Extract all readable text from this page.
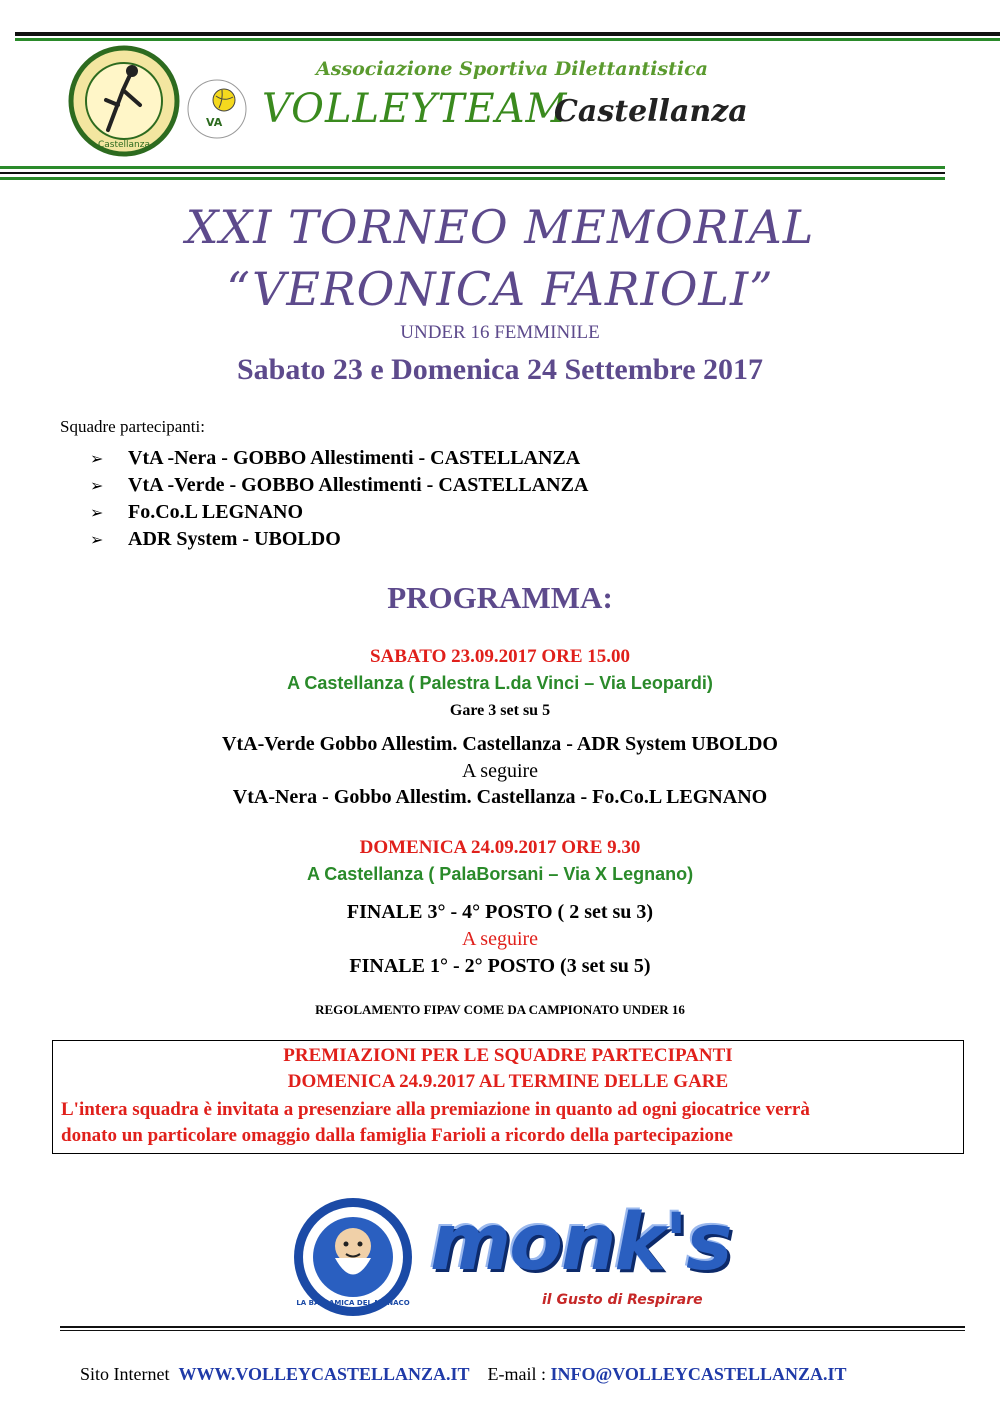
Castellanza
VA
Associazione Sportiva Dilettantistica
VOLLEYTEAM
Castellanza
XXI TORNEO MEMORIAL
“VERONICA FARIOLI”
UNDER 16 FEMMINILE
Sabato 23 e Domenica 24 Settembre 2017
Squadre partecipanti:
➢ VtA -Nera - GOBBO Allestimenti - CASTELLANZA
➢ VtA -Verde - GOBBO Allestimenti - CASTELLANZA
➢ Fo.Co.L LEGNANO
➢ ADR System - UBOLDO
PROGRAMMA:
SABATO 23.09.2017 ORE 15.00
A Castellanza ( Palestra L.da Vinci – Via Leopardi)
Gare 3 set su 5
VtA-Verde Gobbo Allestim. Castellanza - ADR System UBOLDO
A seguire
VtA-Nera - Gobbo Allestim. Castellanza - Fo.Co.L LEGNANO
DOMENICA 24.09.2017 ORE 9.30
A Castellanza ( PalaBorsani – Via X Legnano)
FINALE 3° - 4° POSTO ( 2 set su 3)
A seguire
FINALE 1° - 2° POSTO (3 set su 5)
REGOLAMENTO FIPAV COME DA CAMPIONATO UNDER 16
PREMIAZIONI PER LE SQUADRE PARTECIPANTI
DOMENICA 24.9.2017 AL TERMINE DELLE GARE
L'intera squadra è invitata a presenziare alla premiazione in quanto ad ogni giocatrice verrà
donato un particolare omaggio dalla famiglia Farioli a ricordo della partecipazione
LA BALSAMICA DEL MONACO
monk's
il Gusto di Respirare
Sito Internet WWW.VOLLEYCASTELLANZA.IT E-mail : INFO@VOLLEYCASTELLANZA.IT
